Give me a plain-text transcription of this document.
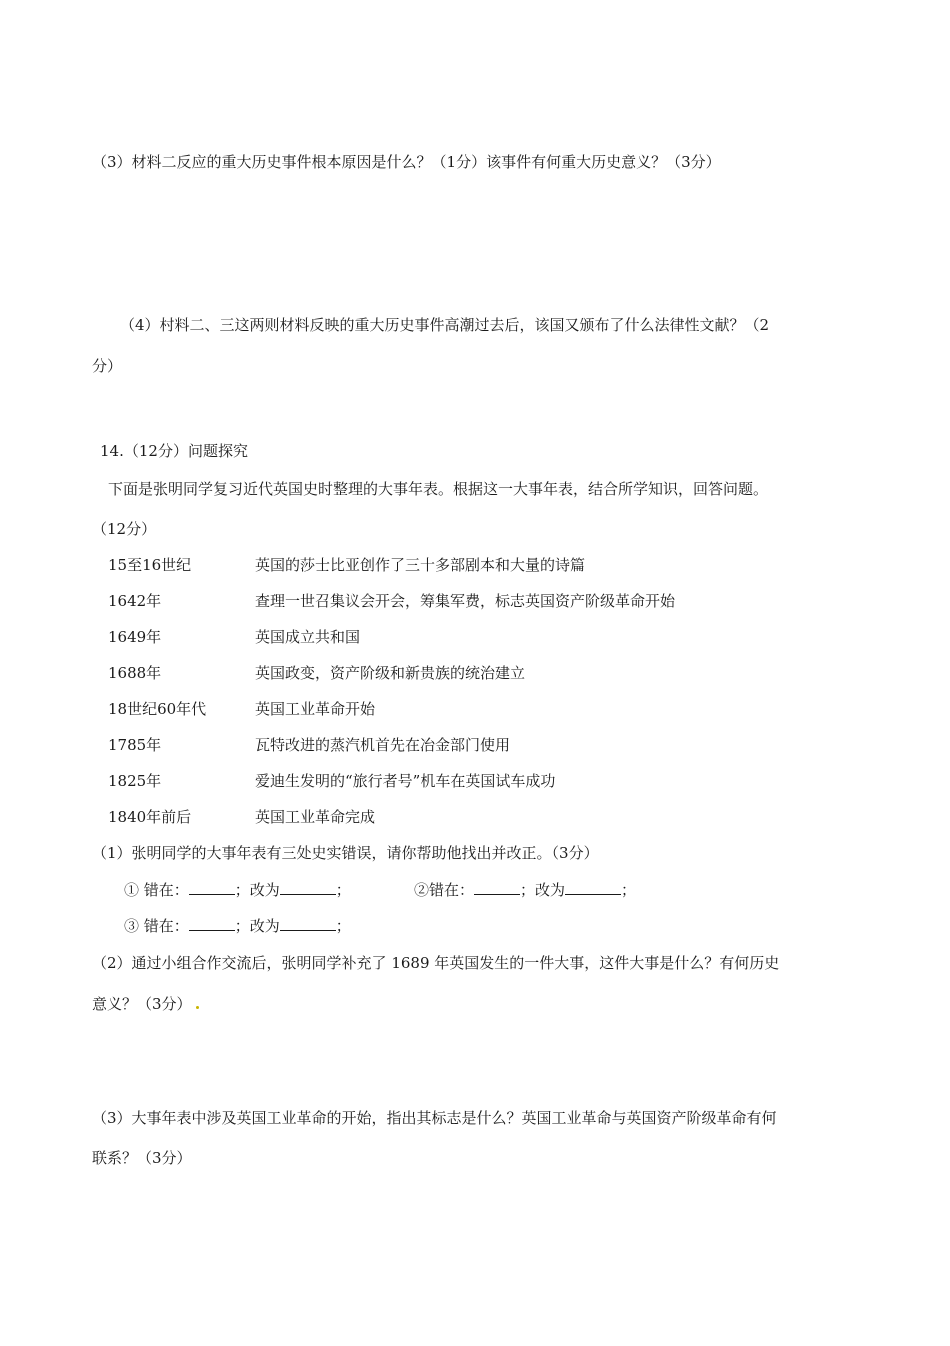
（3）材料二反应的重大历史事件根本原因是什么？（1分）该事件有何重大历史意义？（3分）
（4）村料二、三这两则材料反映的重大历史事件高潮过去后，该国又颁布了什么法律性文献？（2
分）
14.（12分）问题探究
下面是张明同学复习近代英国史时整理的大事年表。根据这一大事年表，结合所学知识，回答问题。
（12分）
15至16世纪	英国的莎士比亚创作了三十多部剧本和大量的诗篇
1642年	查理一世召集议会开会，筹集军费，标志英国资产阶级革命开始
1649年	英国成立共和国
1688年	英国政变，资产阶级和新贵族的统治建立
18世纪60年代	英国工业革命开始
1785年	瓦特改进的蒸汽机首先在冶金部门使用
1825年	爱迪生发明的“旅行者号”机车在英国试车成功
1840年前后	英国工业革命完成
（1）张明同学的大事年表有三处史实错误，请你帮助他找出并改正。（3分）
① 错在：	；改为	；	②错在：	；改为	；
③ 错在：	；改为	；
（2）通过小组合作交流后，张明同学补充了 1689 年英国发生的一件大事，这件大事是什么？有何历史
意义？（3分）
（3）大事年表中涉及英国工业革命的开始，指出其标志是什么？英国工业革命与英国资产阶级革命有何
联系？（3分）
